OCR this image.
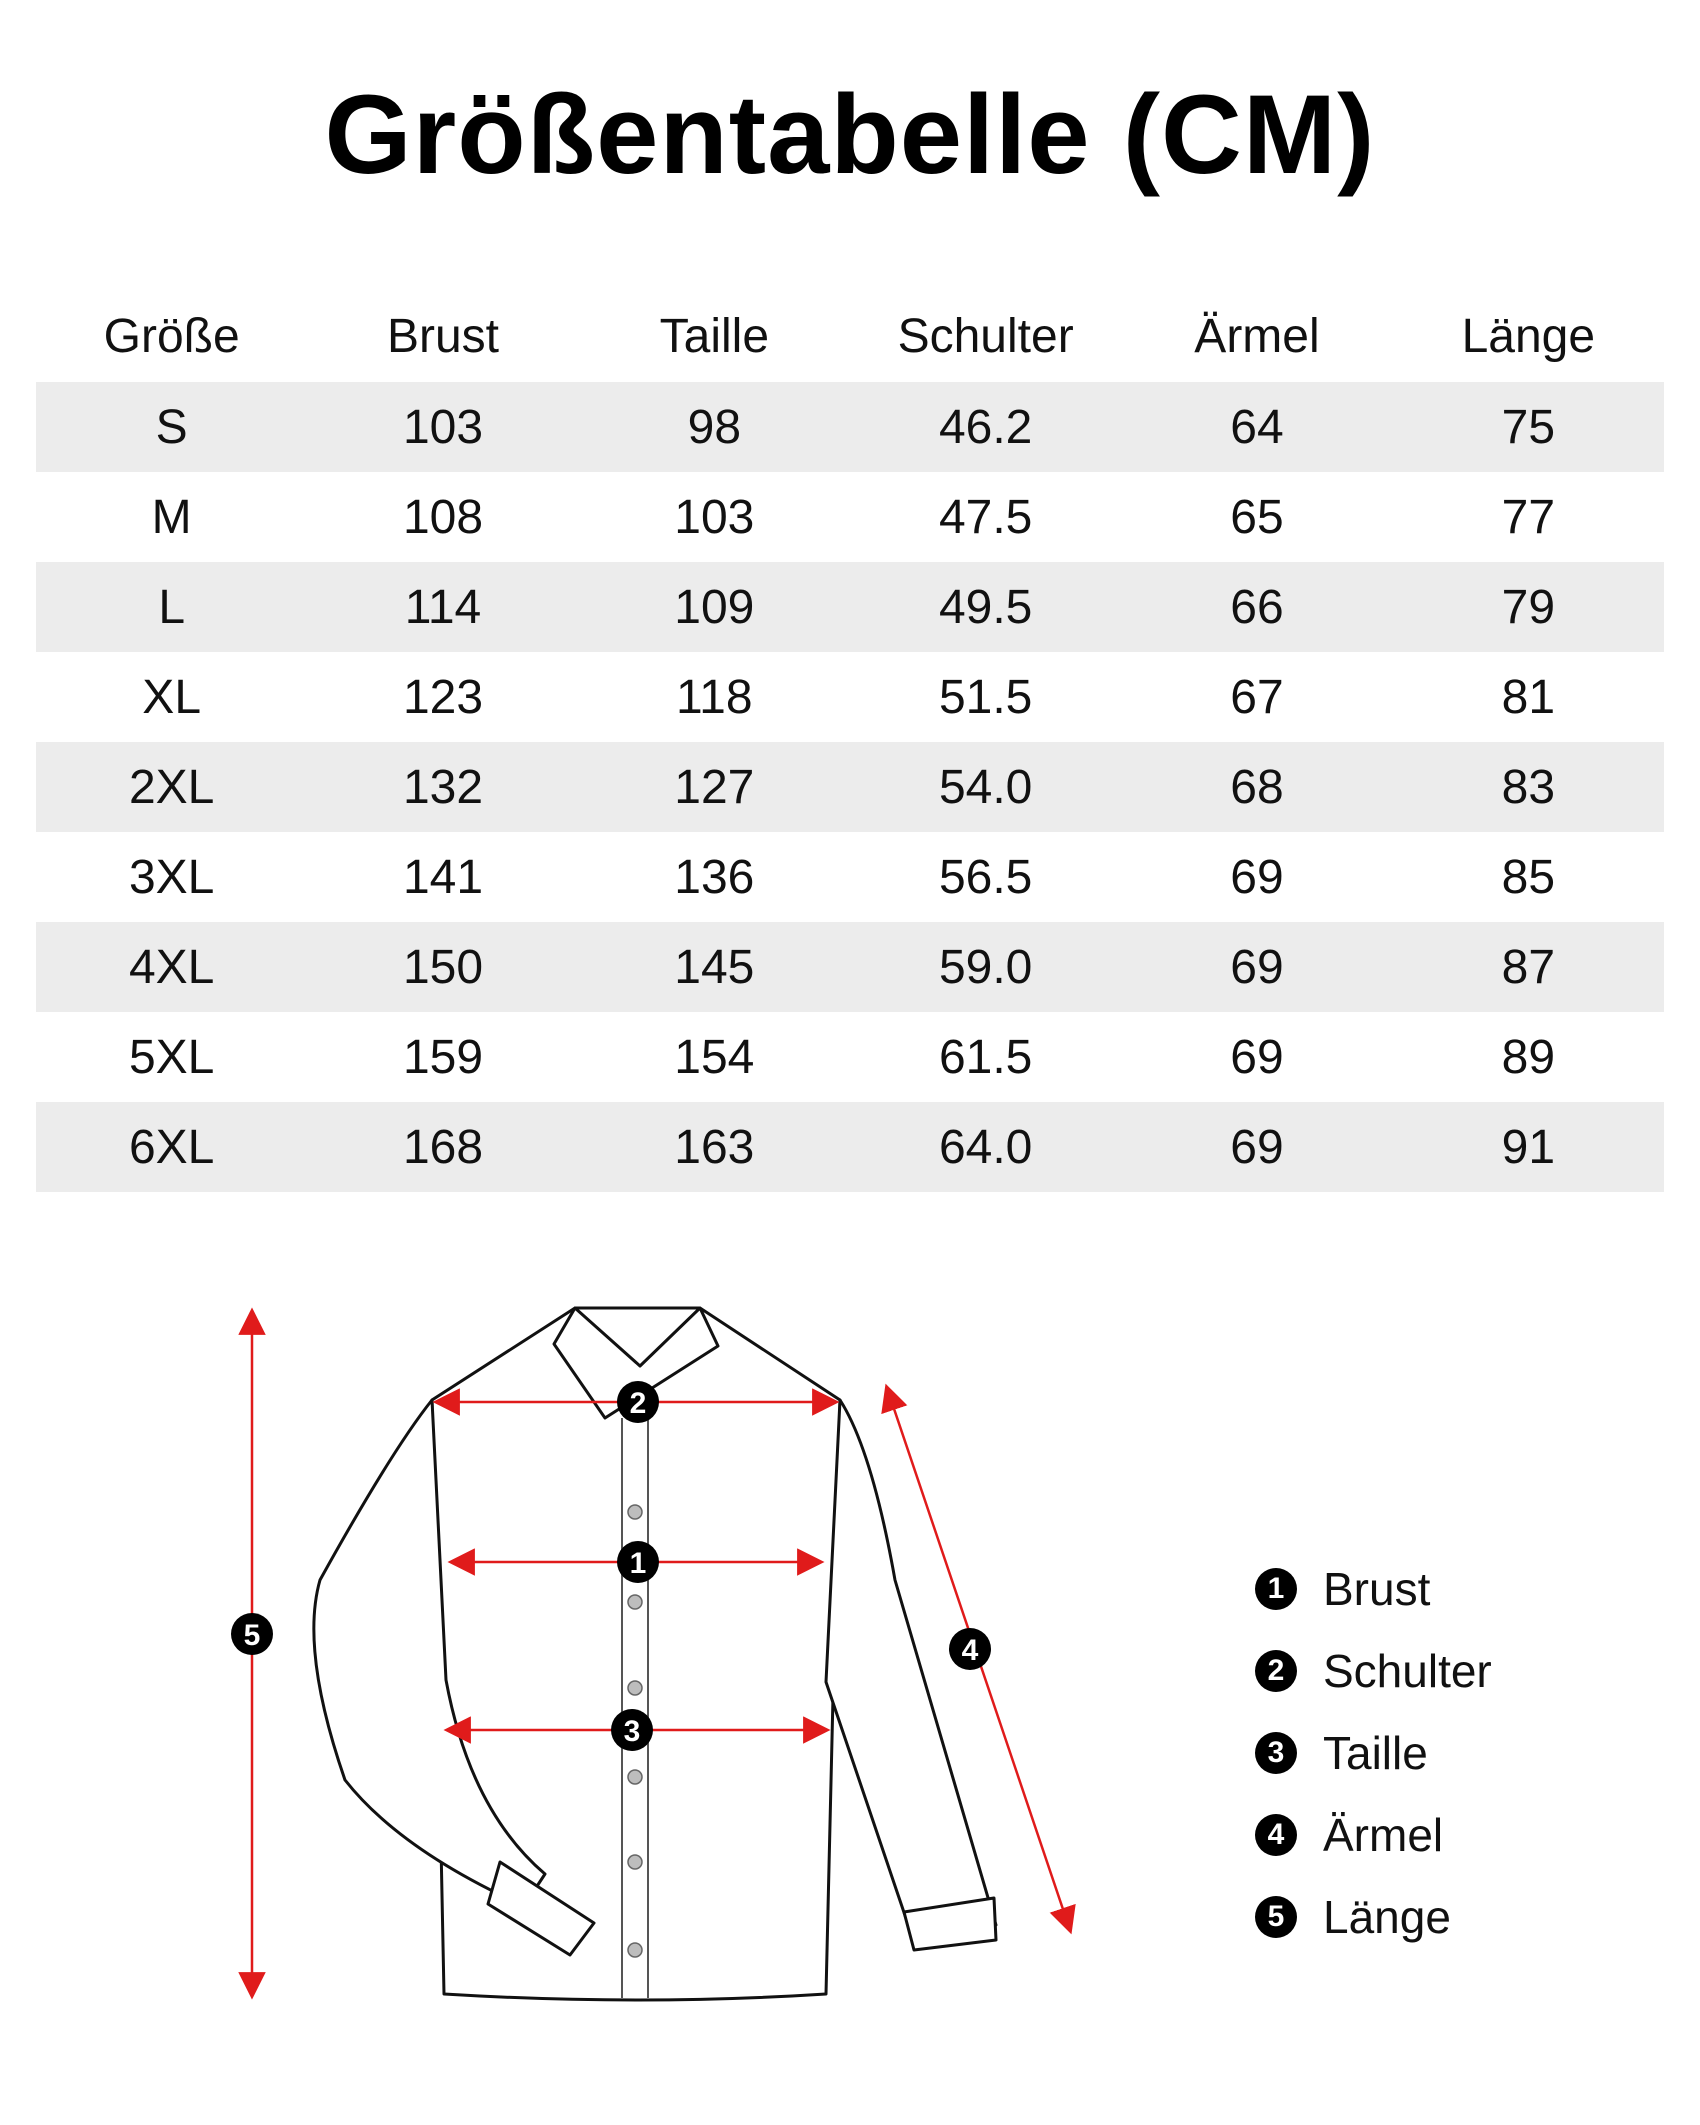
Größentabelle (CM)
Größe	Brust	Taille	Schulter	Ärmel	Länge
S	103	98	46.2	64	75
M	108	103	47.5	65	77
L	114	109	49.5	66	79
XL	123	118	51.5	67	81
2XL	132	127	54.0	68	83
3XL	141	136	56.5	69	85
4XL	150	145	59.0	69	87
5XL	159	154	61.5	69	89
6XL	168	163	64.0	69	91
2
1
3
4
5
1 Brust
2 Schulter
3 Taille
4 Ärmel
5 Länge
